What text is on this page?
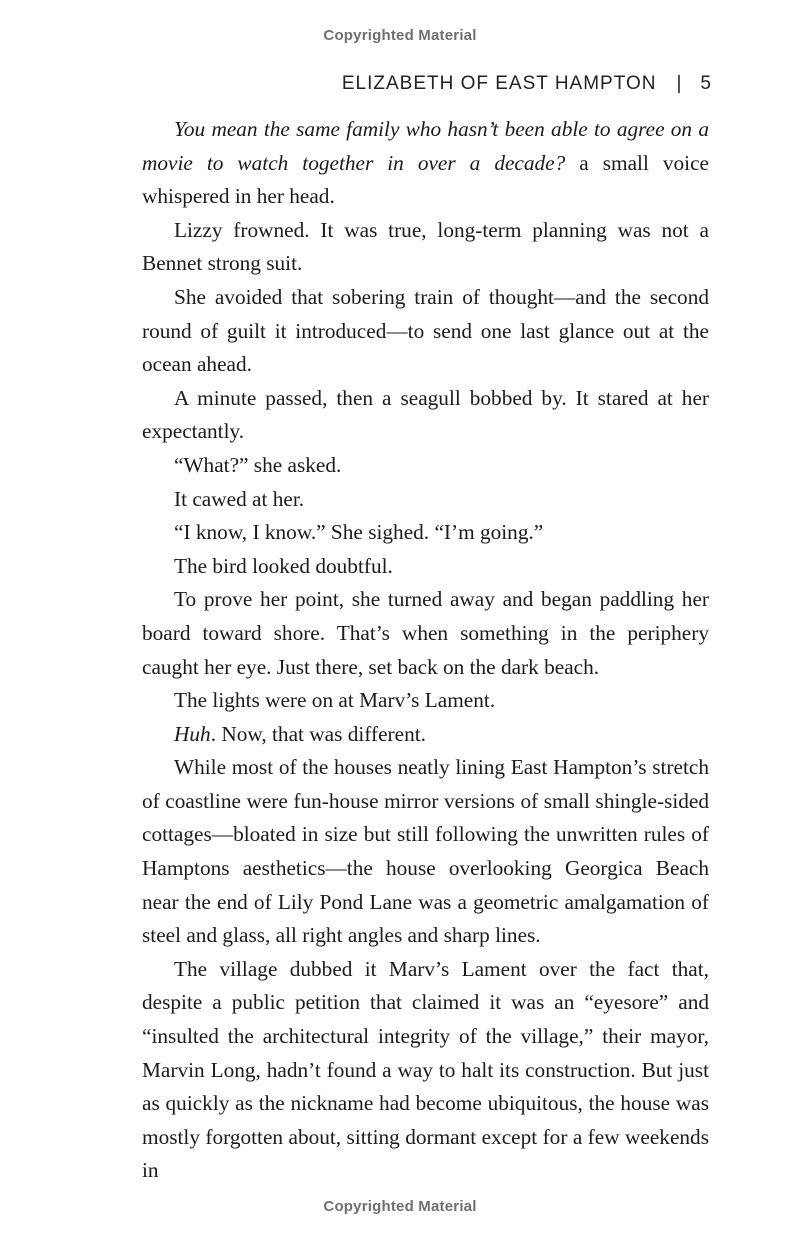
Copyrighted Material
ELIZABETH OF EAST HAMPTON | 5

You mean the same family who hasn’t been able to agree on a movie to watch together in over a decade? a small voice whispered in her head.

Lizzy frowned. It was true, long-term planning was not a Bennet strong suit.

She avoided that sobering train of thought—and the second round of guilt it introduced—to send one last glance out at the ocean ahead.

A minute passed, then a seagull bobbed by. It stared at her expectantly.

“What?” she asked.

It cawed at her.

“I know, I know.” She sighed. “I’m going.”

The bird looked doubtful.

To prove her point, she turned away and began paddling her board toward shore. That’s when something in the periphery caught her eye. Just there, set back on the dark beach.

The lights were on at Marv’s Lament.

Huh. Now, that was different.

While most of the houses neatly lining East Hampton’s stretch of coastline were fun-house mirror versions of small shingle-sided cottages—bloated in size but still following the unwritten rules of Hamptons aesthetics—the house overlooking Georgica Beach near the end of Lily Pond Lane was a geometric amalgamation of steel and glass, all right angles and sharp lines.

The village dubbed it Marv’s Lament over the fact that, despite a public petition that claimed it was an “eyesore” and “insulted the architectural integrity of the village,” their mayor, Marvin Long, hadn’t found a way to halt its construction. But just as quickly as the nickname had become ubiquitous, the house was mostly forgotten about, sitting dormant except for a few weekends in

Copyrighted Material
